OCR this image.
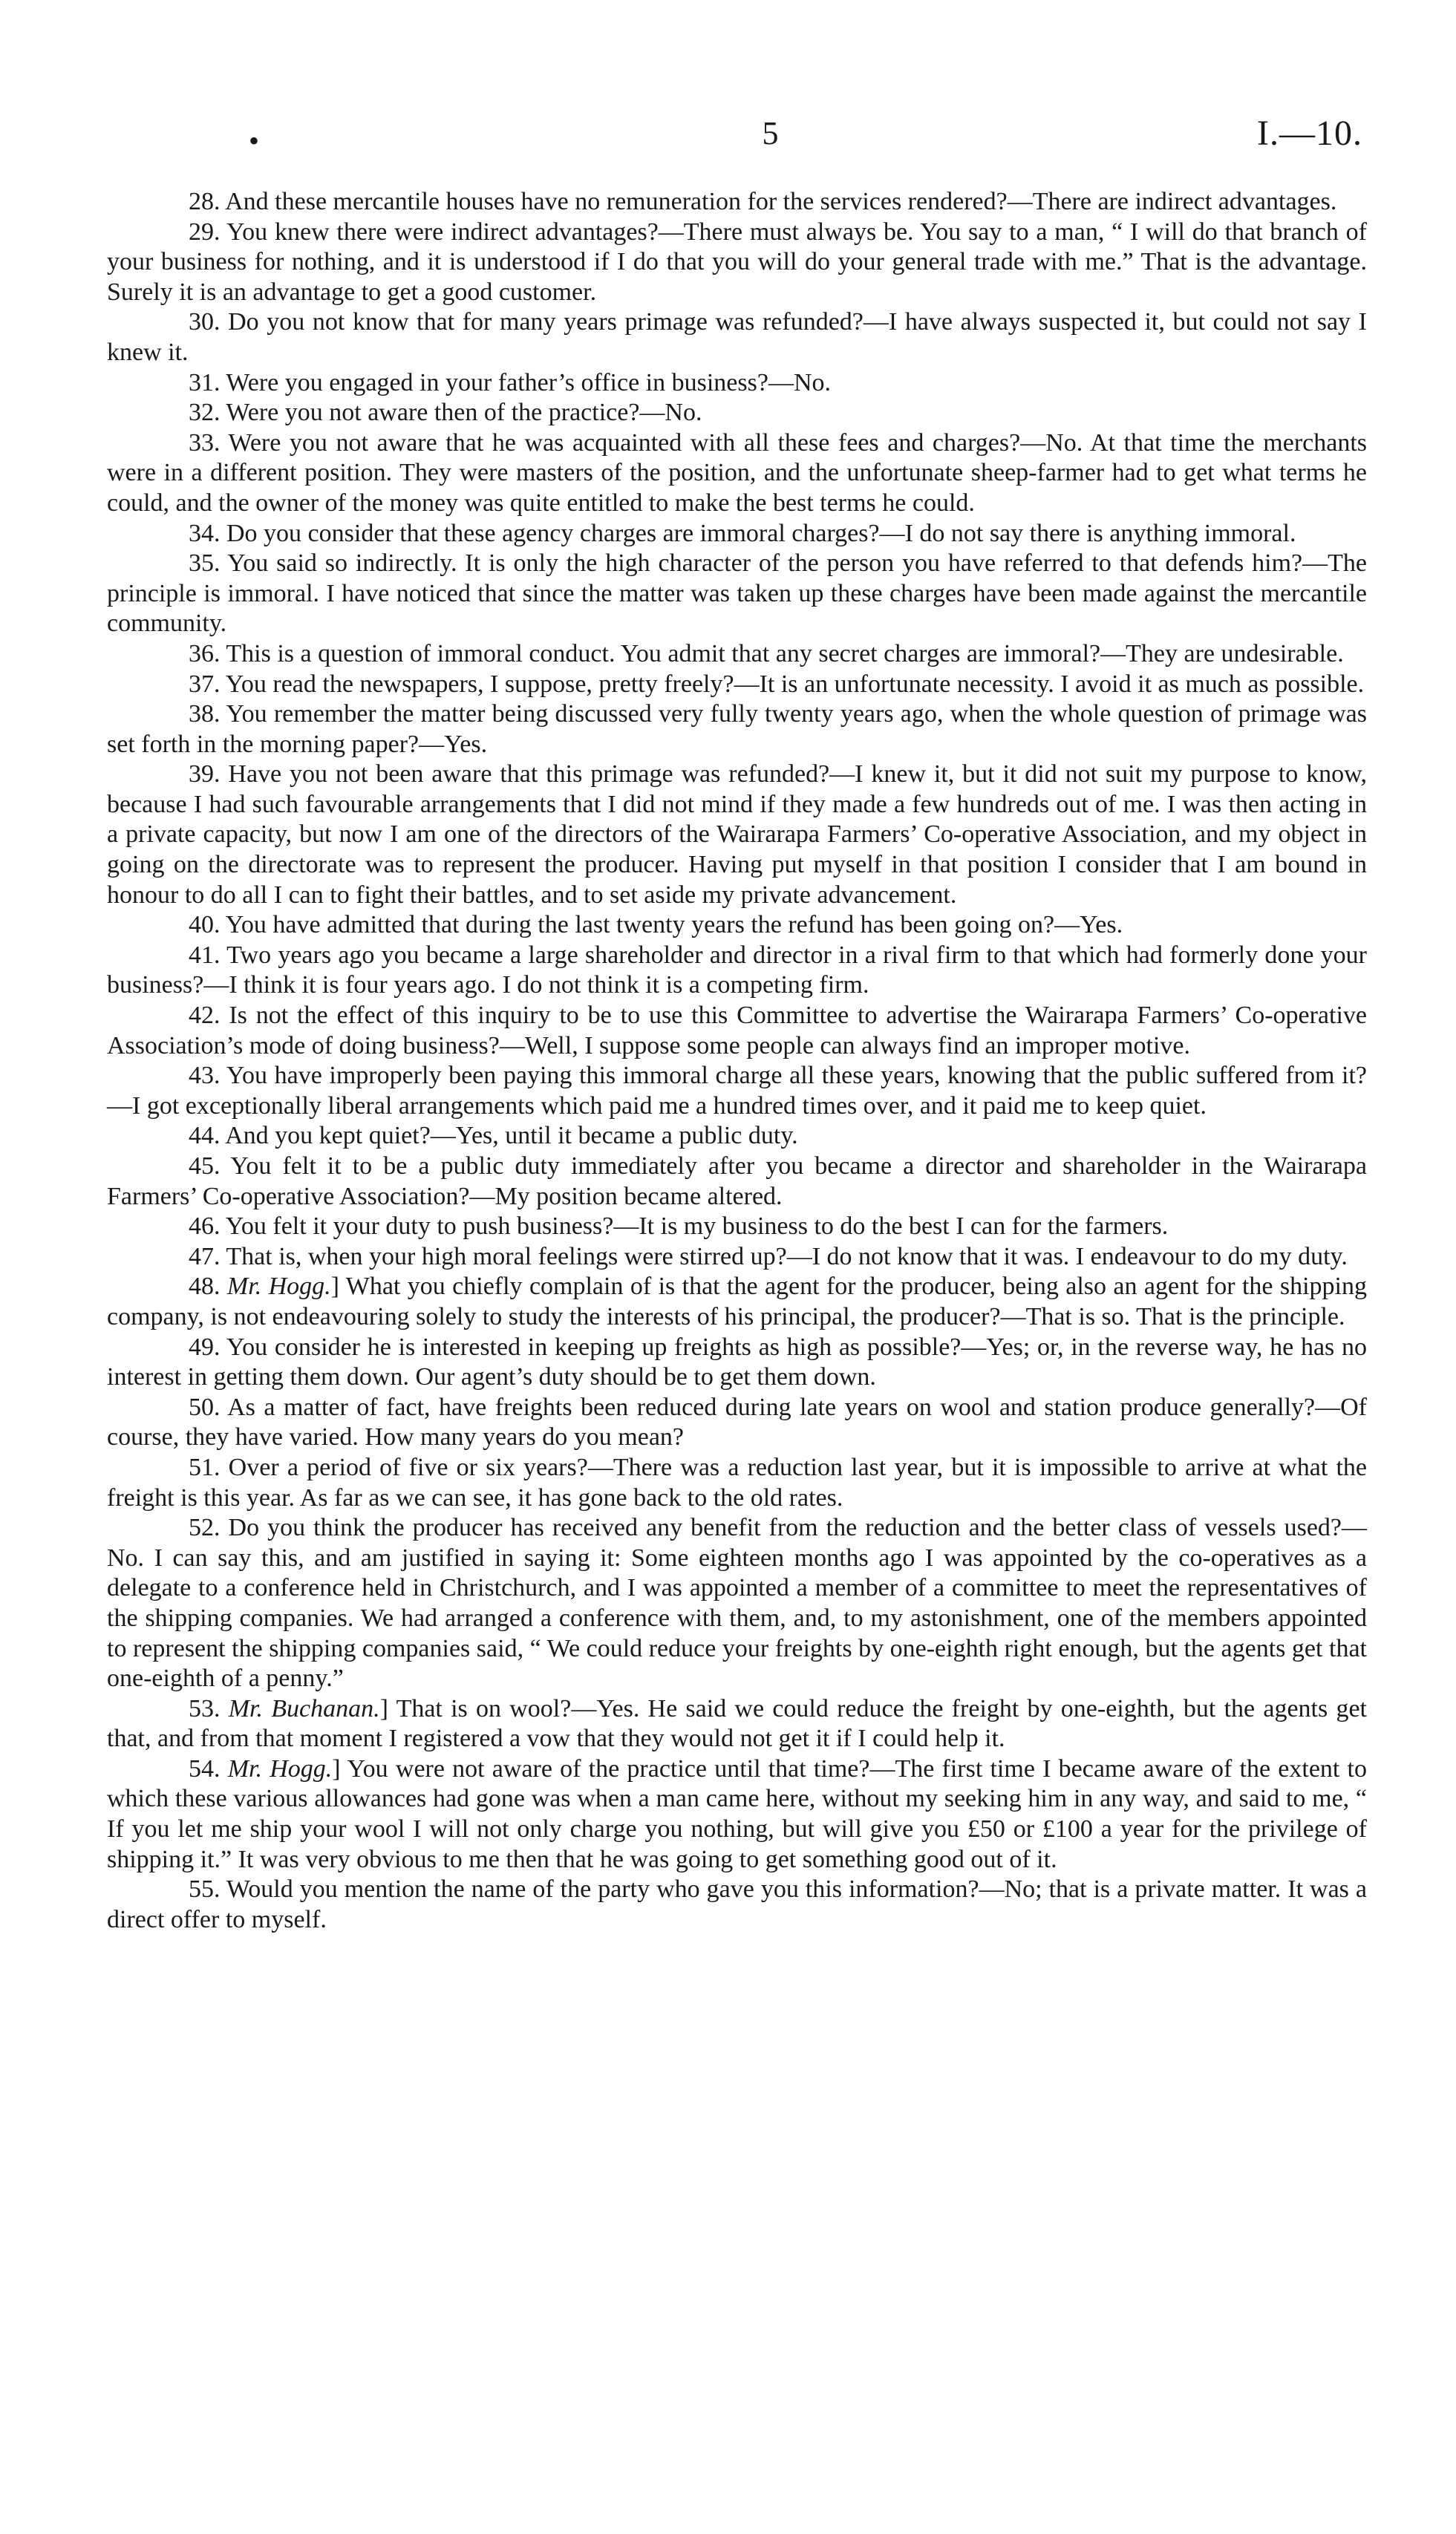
•	5	I.—10.

28. And these mercantile houses have no remuneration for the services rendered?—There are indirect advantages.

29. You knew there were indirect advantages?—There must always be. You say to a man, “ I will do that branch of your business for nothing, and it is understood if I do that you will do your general trade with me.” That is the advantage. Surely it is an advantage to get a good customer.

30. Do you not know that for many years primage was refunded?—I have always suspected it, but could not say I knew it.

31. Were you engaged in your father’s office in business?—No.

32. Were you not aware then of the practice?—No.

33. Were you not aware that he was acquainted with all these fees and charges?—No. At that time the merchants were in a different position. They were masters of the position, and the unfortunate sheep-farmer had to get what terms he could, and the owner of the money was quite entitled to make the best terms he could.

34. Do you consider that these agency charges are immoral charges?—I do not say there is anything immoral.

35. You said so indirectly. It is only the high character of the person you have referred to that defends him?—The principle is immoral. I have noticed that since the matter was taken up these charges have been made against the mercantile community.

36. This is a question of immoral conduct. You admit that any secret charges are immoral?—They are undesirable.

37. You read the newspapers, I suppose, pretty freely?—It is an unfortunate necessity. I avoid it as much as possible.

38. You remember the matter being discussed very fully twenty years ago, when the whole question of primage was set forth in the morning paper?—Yes.

39. Have you not been aware that this primage was refunded?—I knew it, but it did not suit my purpose to know, because I had such favourable arrangements that I did not mind if they made a few hundreds out of me. I was then acting in a private capacity, but now I am one of the directors of the Wairarapa Farmers’ Co-operative Association, and my object in going on the directorate was to represent the producer. Having put myself in that position I consider that I am bound in honour to do all I can to fight their battles, and to set aside my private advancement.

40. You have admitted that during the last twenty years the refund has been going on?—Yes.

41. Two years ago you became a large shareholder and director in a rival firm to that which had formerly done your business?—I think it is four years ago. I do not think it is a competing firm.

42. Is not the effect of this inquiry to be to use this Committee to advertise the Wairarapa Farmers’ Co-operative Association’s mode of doing business?—Well, I suppose some people can always find an improper motive.

43. You have improperly been paying this immoral charge all these years, knowing that the public suffered from it?—I got exceptionally liberal arrangements which paid me a hundred times over, and it paid me to keep quiet.

44. And you kept quiet?—Yes, until it became a public duty.

45. You felt it to be a public duty immediately after you became a director and shareholder in the Wairarapa Farmers’ Co-operative Association?—My position became altered.

46. You felt it your duty to push business?—It is my business to do the best I can for the farmers.

47. That is, when your high moral feelings were stirred up?—I do not know that it was. I endeavour to do my duty.

48. Mr. Hogg.] What you chiefly complain of is that the agent for the producer, being also an agent for the shipping company, is not endeavouring solely to study the interests of his principal, the producer?—That is so. That is the principle.

49. You consider he is interested in keeping up freights as high as possible?—Yes; or, in the reverse way, he has no interest in getting them down. Our agent’s duty should be to get them down.

50. As a matter of fact, have freights been reduced during late years on wool and station produce generally?—Of course, they have varied. How many years do you mean?

51. Over a period of five or six years?—There was a reduction last year, but it is impossible to arrive at what the freight is this year. As far as we can see, it has gone back to the old rates.

52. Do you think the producer has received any benefit from the reduction and the better class of vessels used?—No. I can say this, and am justified in saying it: Some eighteen months ago I was appointed by the co-operatives as a delegate to a conference held in Christchurch, and I was appointed a member of a committee to meet the representatives of the shipping companies. We had arranged a conference with them, and, to my astonishment, one of the members appointed to represent the shipping companies said, “ We could reduce your freights by one-eighth right enough, but the agents get that one-eighth of a penny.”

53. Mr. Buchanan.] That is on wool?—Yes. He said we could reduce the freight by one-eighth, but the agents get that, and from that moment I registered a vow that they would not get it if I could help it.

54. Mr. Hogg.] You were not aware of the practice until that time?—The first time I became aware of the extent to which these various allowances had gone was when a man came here, without my seeking him in any way, and said to me, “ If you let me ship your wool I will not only charge you nothing, but will give you £50 or £100 a year for the privilege of shipping it.” It was very obvious to me then that he was going to get something good out of it.

55. Would you mention the name of the party who gave you this information?—No; that is a private matter. It was a direct offer to myself.
